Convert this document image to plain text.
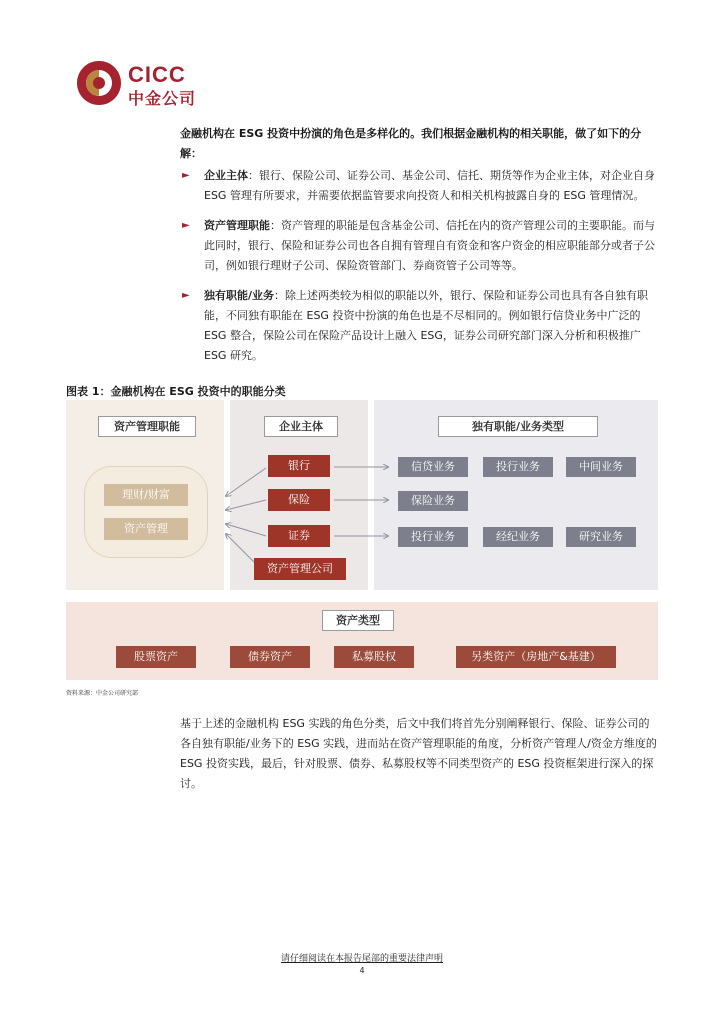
CICC
中金公司
金融机构在 ESG 投资中扮演的角色是多样化的。我们根据金融机构的相关职能，做了如下的分解：
► 企业主体：银行、保险公司、证券公司、基金公司、信托、期货等作为企业主体，对企业自身 ESG 管理有所要求，并需要依据监管要求向投资人和相关机构披露自身的 ESG 管理情况。
► 资产管理职能：资产管理的职能是包含基金公司、信托在内的资产管理公司的主要职能。而与此同时，银行、保险和证券公司也各自拥有管理自有资金和客户资金的相应职能部分或者子公司，例如银行理财子公司、保险资管部门、券商资管子公司等等。
► 独有职能/业务：除上述两类较为相似的职能以外，银行、保险和证券公司也具有各自独有职能，不同独有职能在 ESG 投资中扮演的角色也是不尽相同的。例如银行信贷业务中广泛的 ESG 整合，保险公司在保险产品设计上融入 ESG，证券公司研究部门深入分析和积极推广 ESG 研究。
图表 1：金融机构在 ESG 投资中的职能分类
资产管理职能	企业主体	独有职能/业务类型
资产类型
理财/财富
资产管理
银行
保险
证券
资产管理公司
信贷业务	投行业务	中间业务
保险业务
投行业务	经纪业务	研究业务
股票资产	债券资产	私募股权	另类资产（房地产&基建）
资料来源：中金公司研究部
基于上述的金融机构 ESG 实践的角色分类，后文中我们将首先分别阐释银行、保险、证券公司的各自独有职能/业务下的 ESG 实践，进而站在资产管理职能的角度，分析资产管理人/资金方维度的 ESG 投资实践，最后，针对股票、债券、私募股权等不同类型资产的 ESG 投资框架进行深入的探讨。
请仔细阅读在本报告尾部的重要法律声明
4
